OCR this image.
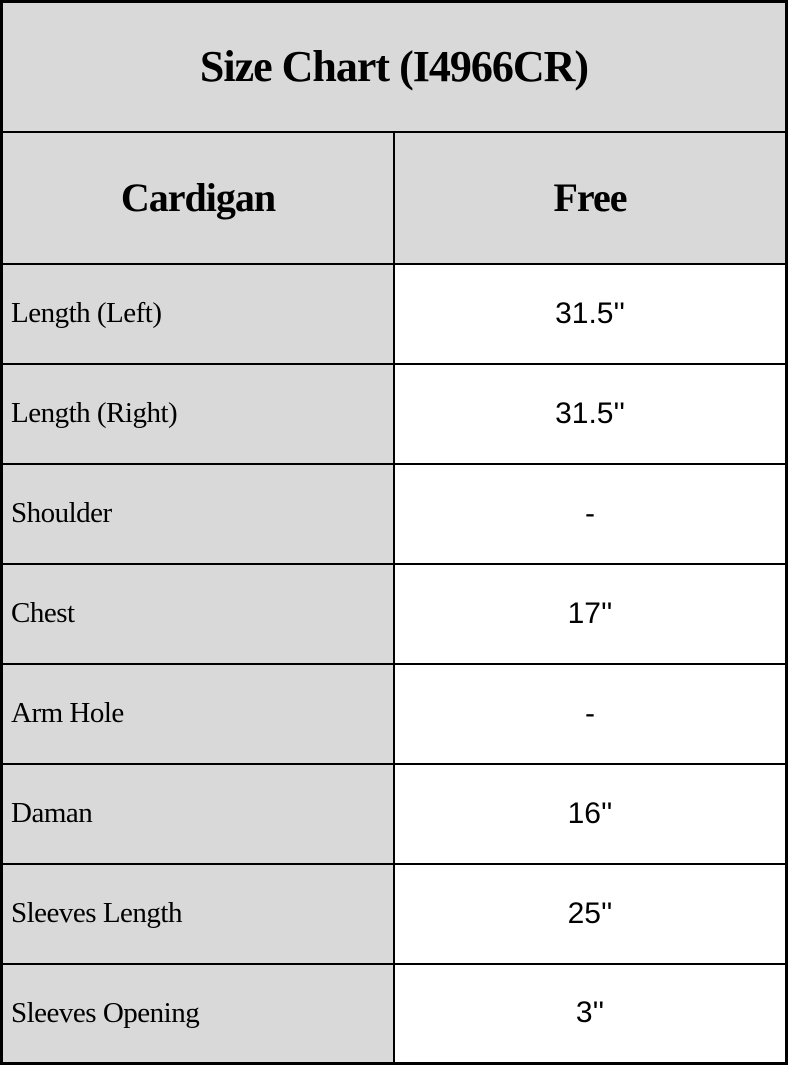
Size Chart (I4966CR)	
Cardigan	Free
Length (Left)	31.5''
Length (Right)	31.5''
Shoulder	-
Chest	17''
Arm Hole	-
Daman	16''
Sleeves Length	25''
Sleeves Opening	3''
